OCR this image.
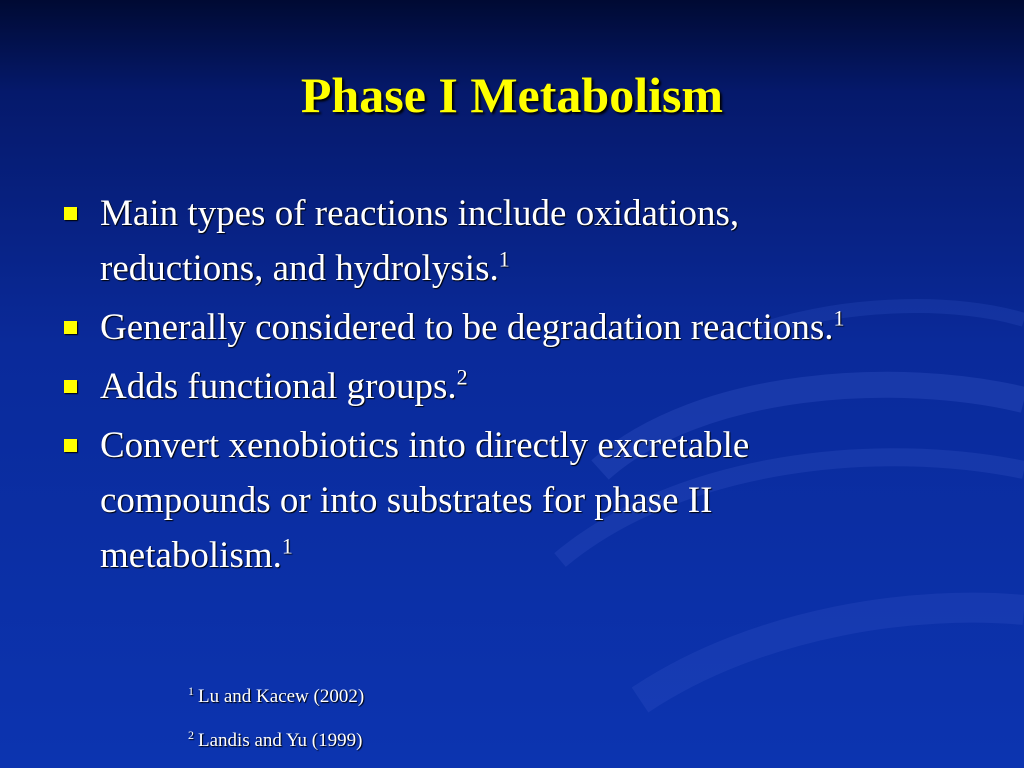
Phase I Metabolism
Main types of reactions include oxidations, reductions, and hydrolysis.$^1$
Generally considered to be degradation reactions.$^1$
Adds functional groups.$^2$
Convert xenobiotics into directly excretable compounds or into substrates for phase II metabolism.$^1$
$^1$ Lu and Kacew (2002)
$^2$ Landis and Yu (1999)
